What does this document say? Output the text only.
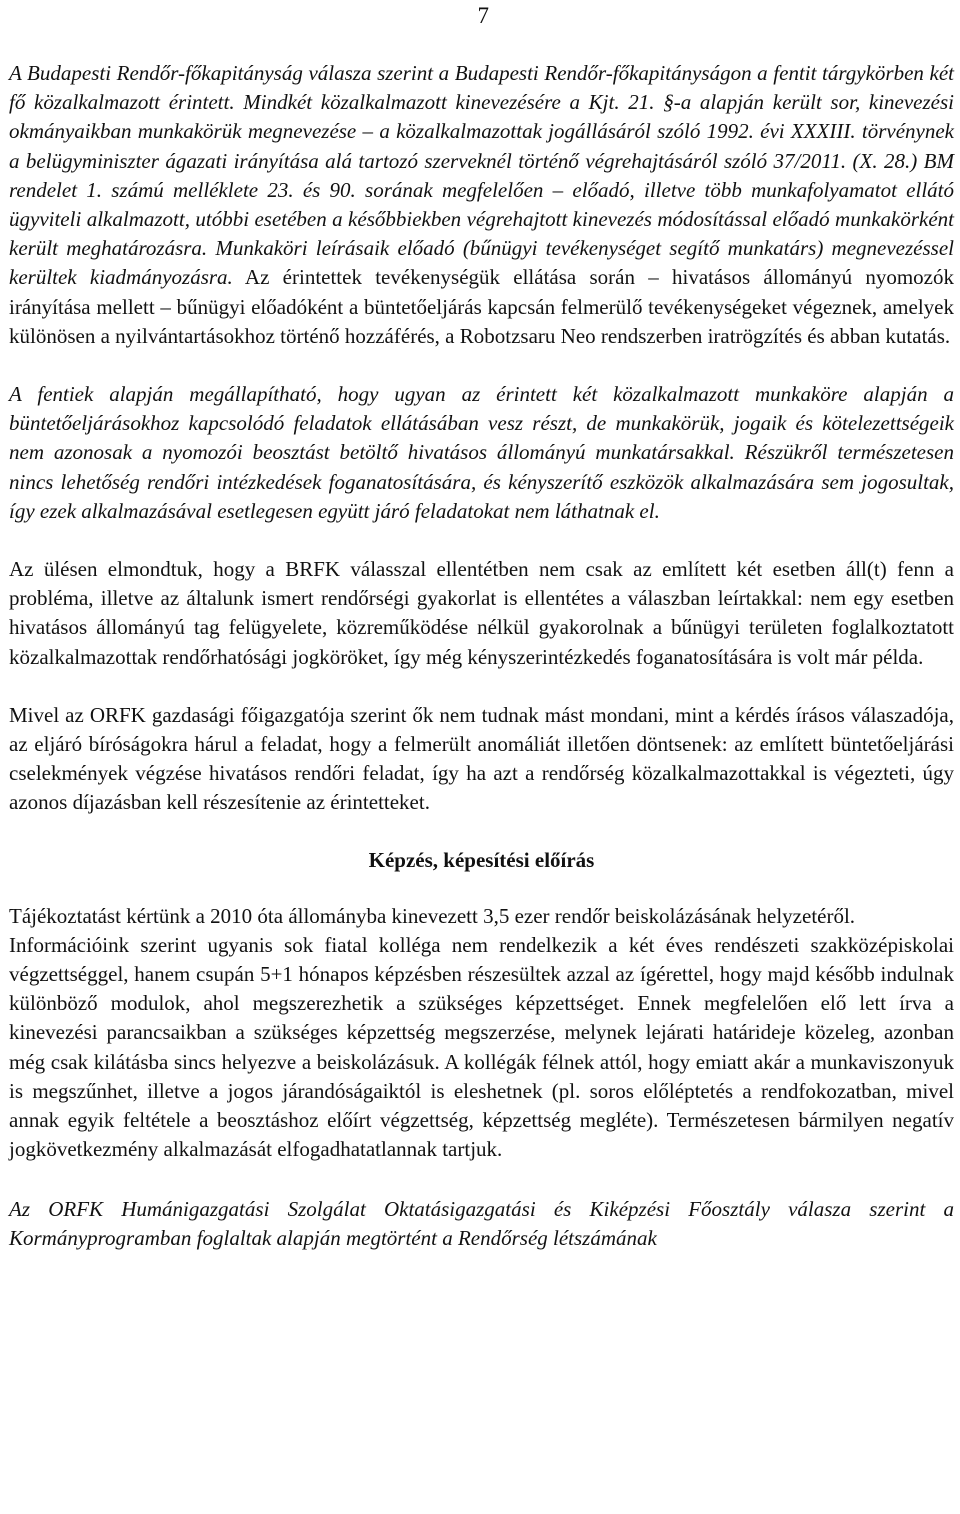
7

A Budapesti Rendőr-főkapitányság válasza szerint a Budapesti Rendőr-főkapitányságon a fentit tárgykörben két fő közalkalmazott érintett. Mindkét közalkalmazott kinevezésére a Kjt. 21. §-a alapján került sor, kinevezési okmányaikban munkakörük megnevezése – a közalkalmazottak jogállásáról szóló 1992. évi XXXIII. törvénynek a belügyminiszter ágazati irányítása alá tartozó szerveknél történő végrehajtásáról szóló 37/2011. (X. 28.) BM rendelet 1. számú melléklete 23. és 90. sorának megfelelően – előadó, illetve több munkafolyamatot ellátó ügyviteli alkalmazott, utóbbi esetében a későbbiekben végrehajtott kinevezés módosítással előadó munkakörként került meghatározásra. Munkaköri leírásaik előadó (bűnügyi tevékenységet segítő munkatárs) megnevezéssel kerültek kiadmányozásra. Az érintettek tevékenységük ellátása során – hivatásos állományú nyomozók irányítása mellett – bűnügyi előadóként a büntetőeljárás kapcsán felmerülő tevékenységeket végeznek, amelyek különösen a nyilvántartásokhoz történő hozzáférés, a Robotzsaru Neo rendszerben iratrögzítés és abban kutatás.

A fentiek alapján megállapítható, hogy ugyan az érintett két közalkalmazott munkaköre alapján a büntetőeljárásokhoz kapcsolódó feladatok ellátásában vesz részt, de munkakörük, jogaik és kötelezettségeik nem azonosak a nyomozói beosztást betöltő hivatásos állományú munkatársakkal. Részükről természetesen nincs lehetőség rendőri intézkedések foganatosítására, és kényszerítő eszközök alkalmazására sem jogosultak, így ezek alkalmazásával esetlegesen együtt járó feladatokat nem láthatnak el.

Az ülésen elmondtuk, hogy a BRFK válasszal ellentétben nem csak az említett két esetben áll(t) fenn a probléma, illetve az általunk ismert rendőrségi gyakorlat is ellentétes a válaszban leírtakkal: nem egy esetben hivatásos állományú tag felügyelete, közreműködése nélkül gyakorolnak a bűnügyi területen foglalkoztatott közalkalmazottak rendőrhatósági jogköröket, így még kényszerintézkedés foganatosítására is volt már példa.

Mivel az ORFK gazdasági főigazgatója szerint ők nem tudnak mást mondani, mint a kérdés írásos válaszadója, az eljáró bíróságokra hárul a feladat, hogy a felmerült anomáliát illetően döntsenek: az említett büntetőeljárási cselekmények végzése hivatásos rendőri feladat, így ha azt a rendőrség közalkalmazottakkal is végezteti, úgy azonos díjazásban kell részesítenie az érintetteket.

Képzés, képesítési előírás

Tájékoztatást kértünk a 2010 óta állományba kinevezett 3,5 ezer rendőr beiskolázásának helyzetéről.

Információink szerint ugyanis sok fiatal kolléga nem rendelkezik a két éves rendészeti szakközépiskolai végzettséggel, hanem csupán 5+1 hónapos képzésben részesültek azzal az ígérettel, hogy majd később indulnak különböző modulok, ahol megszerezhetik a szükséges képzettséget. Ennek megfelelően elő lett írva a kinevezési parancsaikban a szükséges képzettség megszerzése, melynek lejárati határideje közeleg, azonban még csak kilátásba sincs helyezve a beiskolázásuk. A kollégák félnek attól, hogy emiatt akár a munkaviszonyuk is megszűnhet, illetve a jogos járandóságaiktól is eleshetnek (pl. soros előléptetés a rendfokozatban, mivel annak egyik feltétele a beosztáshoz előírt végzettség, képzettség megléte). Természetesen bármilyen negatív jogkövetkezmény alkalmazását elfogadhatatlannak tartjuk.

Az ORFK Humánigazgatási Szolgálat Oktatásigazgatási és Kiképzési Főosztály válasza szerint a Kormányprogramban foglaltak alapján megtörtént a Rendőrség létszámának
